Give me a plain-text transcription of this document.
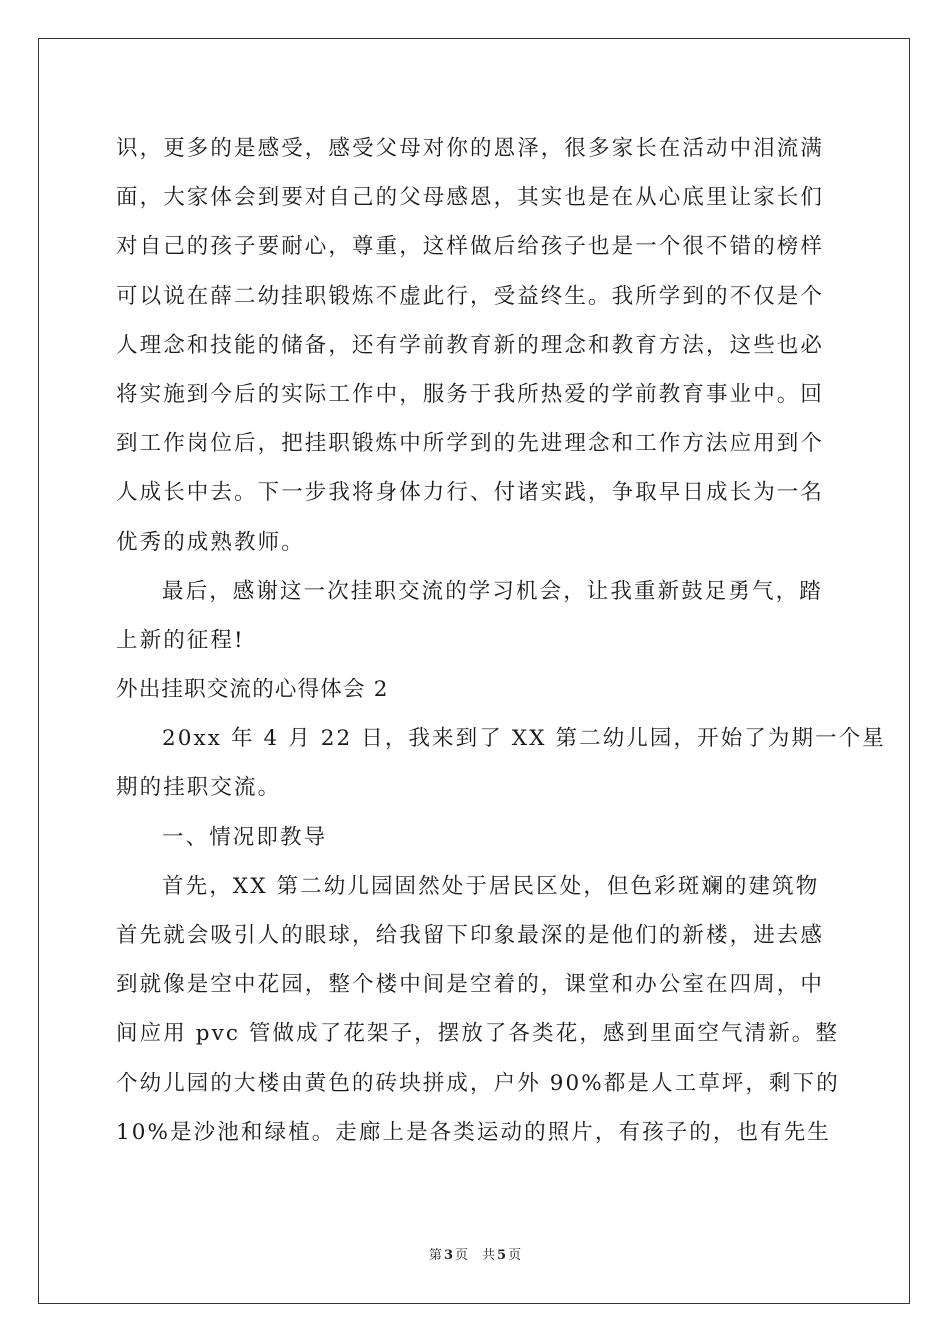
识，更多的是感受，感受父母对你的恩泽，很多家长在活动中泪流满
面，大家体会到要对自己的父母感恩，其实也是在从心底里让家长们
对自己的孩子要耐心，尊重，这样做后给孩子也是一个很不错的榜样
可以说在薛二幼挂职锻炼不虚此行，受益终生。我所学到的不仅是个
人理念和技能的储备，还有学前教育新的理念和教育方法，这些也必
将实施到今后的实际工作中，服务于我所热爱的学前教育事业中。回
到工作岗位后，把挂职锻炼中所学到的先进理念和工作方法应用到个
人成长中去。下一步我将身体力行、付诸实践，争取早日成长为一名
优秀的成熟教师。
最后，感谢这一次挂职交流的学习机会，让我重新鼓足勇气，踏
上新的征程!
外出挂职交流的心得体会 2
20xx 年 4 月 22 日，我来到了 XX 第二幼儿园，开始了为期一个星
期的挂职交流。
一、情况即教导
首先，XX 第二幼儿园固然处于居民区处，但色彩斑斓的建筑物
首先就会吸引人的眼球，给我留下印象最深的是他们的新楼，进去感
到就像是空中花园，整个楼中间是空着的，课堂和办公室在四周，中
间应用 pvc 管做成了花架子，摆放了各类花，感到里面空气清新。整
个幼儿园的大楼由黄色的砖块拼成，户外 90%都是人工草坪，剩下的
10%是沙池和绿植。走廊上是各类运动的照片，有孩子的，也有先生
第 3 页 共 5 页
